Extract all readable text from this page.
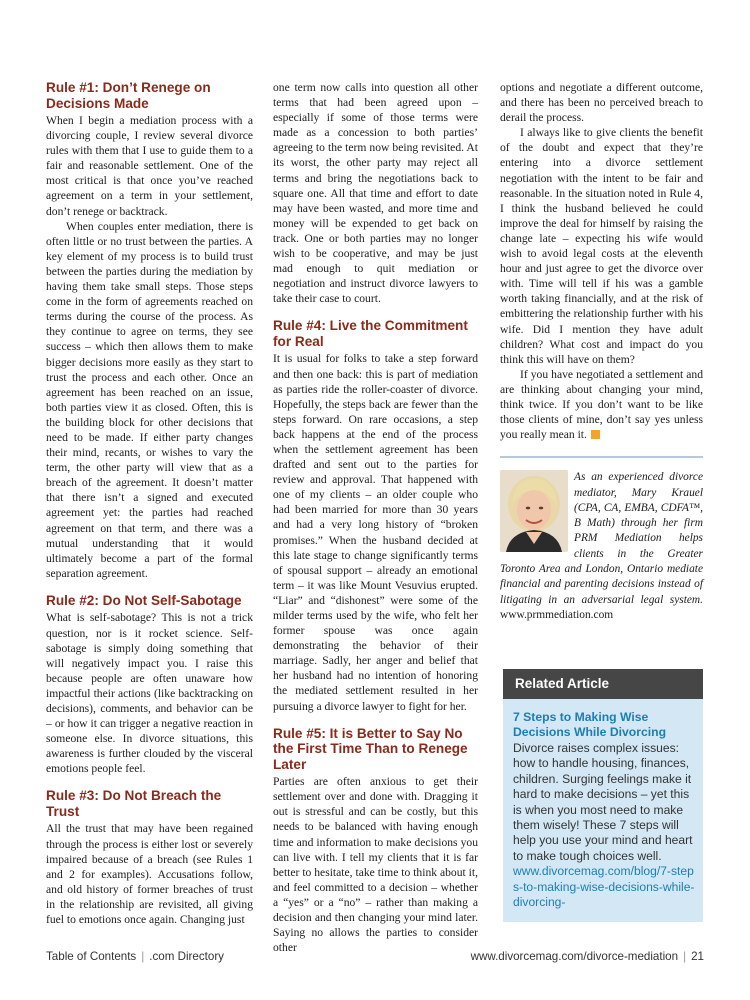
Rule #1: Don’t Renege on Decisions Made

When I begin a mediation process with a divorcing couple, I review several divorce rules with them that I use to guide them to a fair and reasonable settlement. One of the most critical is that once you’ve reached agreement on a term in your settlement, don’t renege or backtrack.

When couples enter mediation, there is often little or no trust between the parties. A key element of my process is to build trust between the parties during the mediation by having them take small steps. Those steps come in the form of agreements reached on terms during the course of the process. As they continue to agree on terms, they see success – which then allows them to make bigger decisions more easily as they start to trust the process and each other. Once an agreement has been reached on an issue, both parties view it as closed. Often, this is the building block for other decisions that need to be made. If either party changes their mind, recants, or wishes to vary the term, the other party will view that as a breach of the agreement. It doesn’t matter that there isn’t a signed and executed agreement yet: the parties had reached agreement on that term, and there was a mutual understanding that it would ultimately become a part of the formal separation agreement.

Rule #2: Do Not Self-Sabotage

What is self-sabotage? This is not a trick question, nor is it rocket science. Self-sabotage is simply doing something that will negatively impact you. I raise this because people are often unaware how impactful their actions (like backtracking on decisions), comments, and behavior can be – or how it can trigger a negative reaction in someone else. In divorce situations, this awareness is further clouded by the visceral emotions people feel.

Rule #3: Do Not Breach the Trust

All the trust that may have been regained through the process is either lost or severely impaired because of a breach (see Rules 1 and 2 for examples). Accusations follow, and old history of former breaches of trust in the relationship are revisited, all giving fuel to emotions once again. Changing just

one term now calls into question all other terms that had been agreed upon – especially if some of those terms were made as a concession to both parties’ agreeing to the term now being revisited. At its worst, the other party may reject all terms and bring the negotiations back to square one. All that time and effort to date may have been wasted, and more time and money will be expended to get back on track. One or both parties may no longer wish to be cooperative, and may be just mad enough to quit mediation or negotiation and instruct divorce lawyers to take their case to court.

Rule #4: Live the Commitment for Real

It is usual for folks to take a step forward and then one back: this is part of mediation as parties ride the roller-coaster of divorce. Hopefully, the steps back are fewer than the steps forward. On rare occasions, a step back happens at the end of the process when the settlement agreement has been drafted and sent out to the parties for review and approval. That happened with one of my clients – an older couple who had been married for more than 30 years and had a very long history of “broken promises.” When the husband decided at this late stage to change significantly terms of spousal support – already an emotional term – it was like Mount Vesuvius erupted. “Liar” and “dishonest” were some of the milder terms used by the wife, who felt her former spouse was once again demonstrating the behavior of their marriage. Sadly, her anger and belief that her husband had no intention of honoring the mediated settlement resulted in her pursuing a divorce lawyer to fight for her.

Rule #5: It is Better to Say No the First Time Than to Renege Later

Parties are often anxious to get their settlement over and done with. Dragging it out is stressful and can be costly, but this needs to be balanced with having enough time and information to make decisions you can live with. I tell my clients that it is far better to hesitate, take time to think about it, and feel committed to a decision – whether a “yes” or a “no” – rather than making a decision and then changing your mind later. Saying no allows the parties to consider other

options and negotiate a different outcome, and there has been no perceived breach to derail the process.

I always like to give clients the benefit of the doubt and expect that they’re entering into a divorce settlement negotiation with the intent to be fair and reasonable. In the situation noted in Rule 4, I think the husband believed he could improve the deal for himself by raising the change late – expecting his wife would wish to avoid legal costs at the eleventh hour and just agree to get the divorce over with. Time will tell if his was a gamble worth taking financially, and at the risk of embittering the relationship further with his wife. Did I mention they have adult children? What cost and impact do you think this will have on them?

If you have negotiated a settlement and are thinking about changing your mind, think twice. If you don’t want to be like those clients of mine, don’t say yes unless you really mean it.

As an experienced divorce mediator, Mary Krauel (CPA, CA, EMBA, CDFA™, B Math) through her firm PRM Mediation helps clients in the Greater Toronto Area and London, Ontario mediate financial and parenting decisions instead of litigating in an adversarial legal system. www.prmmediation.com
Related Article
7 Steps to Making Wise Decisions While Divorcing
Divorce raises complex issues: how to handle housing, finances, children. Surging feelings make it hard to make decisions – yet this is when you most need to make them wisely! These 7 steps will help you use your mind and heart to make tough choices well.
www.divorcemag.com/blog/7-steps-to-making-wise-decisions-while-divorcing-
Table of Contents | .com Directory	www.divorcemag.com/divorce-mediation | 21
